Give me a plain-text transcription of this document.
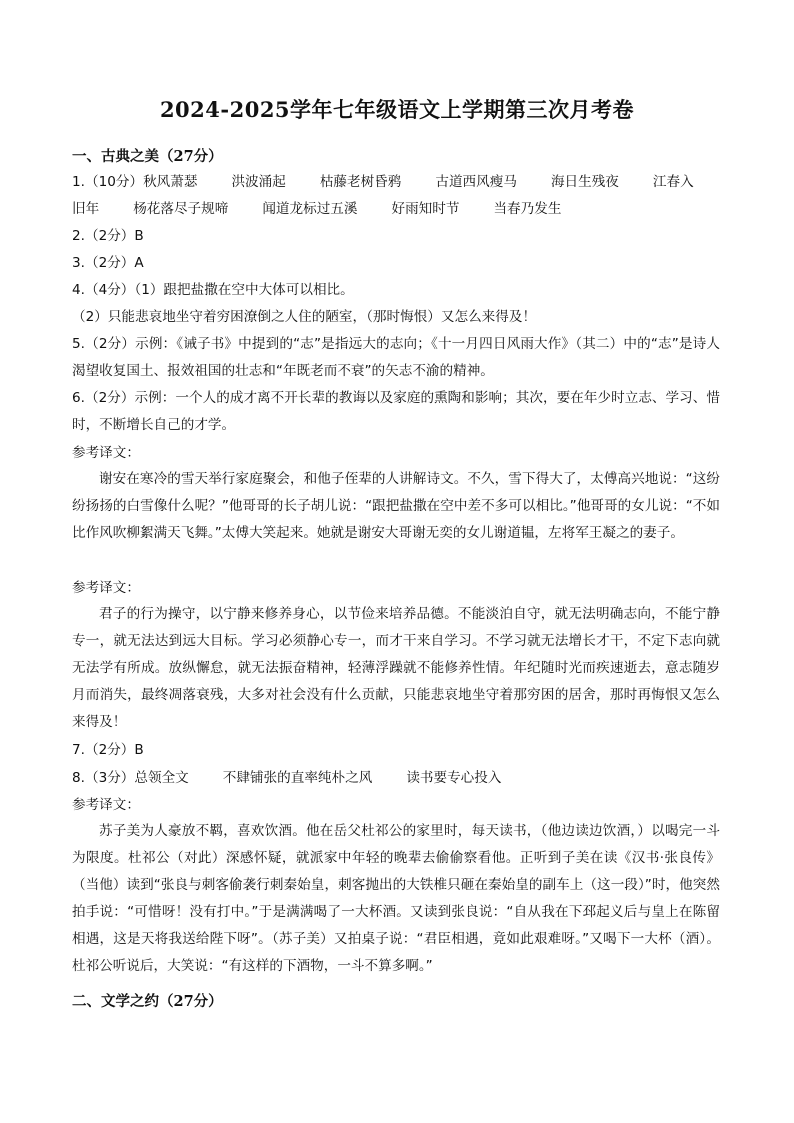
2024-2025学年七年级语文上学期第三次月考卷
一、古典之美（27分）
1.（10分）秋风萧瑟	洪波涌起	枯藤老树昏鸦	古道西风瘦马	海日生残夜	江春入
旧年	杨花落尽子规啼	闻道龙标过五溪	好雨知时节	当春乃发生
2.（2分）B
3.（2分）A
4.（4分）（1）跟把盐撒在空中大体可以相比。
（2）只能悲哀地坐守着穷困潦倒之人住的陋室，（那时悔恨）又怎么来得及！
5.（2分）示例：《诫子书》中提到的“志”是指远大的志向；《十一月四日风雨大作》（其二）中的“志”是诗人渴望收复国土、报效祖国的壮志和“年既老而不衰”的矢志不渝的精神。
6.（2分）示例：一个人的成才离不开长辈的教诲以及家庭的熏陶和影响；其次，要在年少时立志、学习、惜时，不断增长自己的才学。
参考译文：
谢安在寒冷的雪天举行家庭聚会，和他子侄辈的人讲解诗文。不久，雪下得大了，太傅高兴地说：“这纷纷扬扬的白雪像什么呢？”他哥哥的长子胡儿说：“跟把盐撒在空中差不多可以相比。”他哥哥的女儿说：“不如比作风吹柳絮满天飞舞。”太傅大笑起来。她就是谢安大哥谢无奕的女儿谢道韫，左将军王凝之的妻子。
参考译文：
君子的行为操守，以宁静来修养身心，以节俭来培养品德。不能淡泊自守，就无法明确志向，不能宁静专一，就无法达到远大目标。学习必须静心专一，而才干来自学习。不学习就无法增长才干，不定下志向就无法学有所成。放纵懈怠，就无法振奋精神，轻薄浮躁就不能修养性情。年纪随时光而疾速逝去，意志随岁月而消失，最终凋落衰残，大多对社会没有什么贡献，只能悲哀地坐守着那穷困的居舍，那时再悔恨又怎么来得及！
7.（2分）B
8.（3分）总领全文	不肆铺张的直率纯朴之风	读书要专心投入
参考译文：
苏子美为人豪放不羁，喜欢饮酒。他在岳父杜祁公的家里时，每天读书，（他边读边饮酒，）以喝完一斗为限度。杜祁公（对此）深感怀疑，就派家中年轻的晚辈去偷偷察看他。正听到子美在读《汉书·张良传》（当他）读到“张良与刺客偷袭行刺秦始皇，刺客抛出的大铁椎只砸在秦始皇的副车上（这一段）”时，他突然拍手说：“可惜呀！没有打中。”于是满满喝了一大杯酒。又读到张良说：“自从我在下邳起义后与皇上在陈留相遇，这是天将我送给陛下呀”。（苏子美）又拍桌子说：“君臣相遇，竟如此艰难呀。”又喝下一大杯（酒）。杜祁公听说后，大笑说：“有这样的下酒物，一斗不算多啊。”
二、文学之约（27分）
